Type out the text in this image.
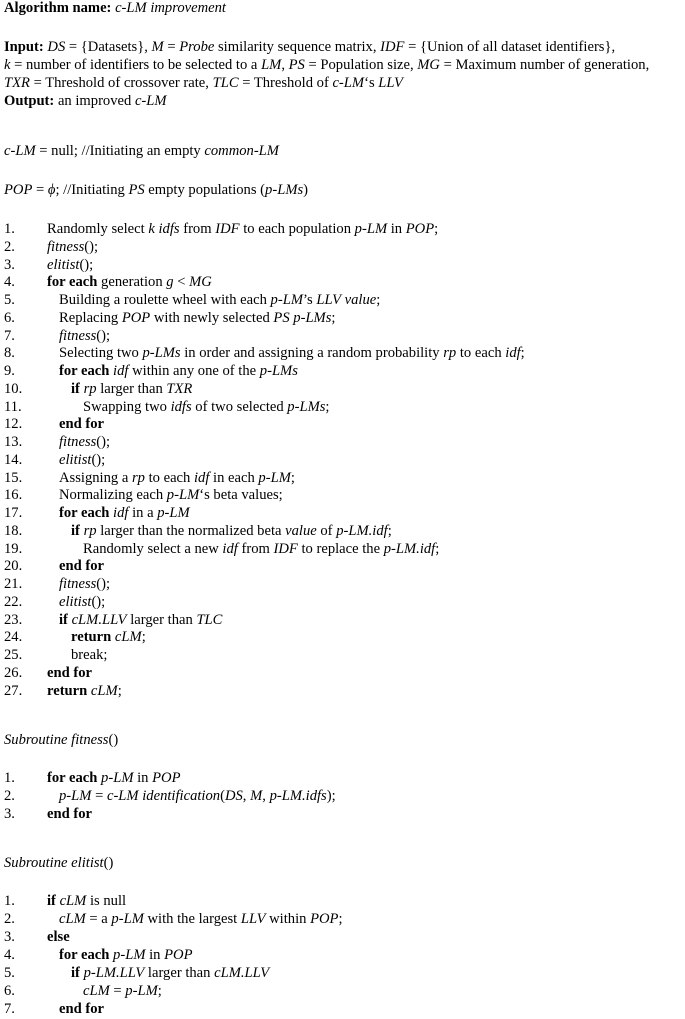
Algorithm name: c-LM improvement
Input: DS = {Datasets}, M = Probe similarity sequence matrix, IDF = {Union of all dataset identifiers},
k = number of identifiers to be selected to a LM, PS = Population size, MG = Maximum number of generation,
TXR = Threshold of crossover rate, TLC = Threshold of c-LM‘s LLV
Output: an improved c-LM
c-LM = null; //Initiating an empty common-LM
POP = ϕ; //Initiating PS empty populations (p-LMs)
1. Randomly select k idfs from IDF to each population p-LM in POP;
2. fitness();
3. elitist();
4. for each generation g < MG
5.	Building a roulette wheel with each p-LM’s LLV value;
6.	Replacing POP with newly selected PS p-LMs;
7.	fitness();
8.	Selecting two p-LMs in order and assigning a random probability rp to each idf;
9.	for each idf within any one of the p-LMs
10.	if rp larger than TXR
11.	Swapping two idfs of two selected p-LMs;
12.	end for
13.	fitness();
14.	elitist();
15.	Assigning a rp to each idf in each p-LM;
16.	Normalizing each p-LM‘s beta values;
17.	for each idf in a p-LM
18.	if rp larger than the normalized beta value of p-LM.idf;
19.	Randomly select a new idf from IDF to replace the p-LM.idf;
20.	end for
21.	fitness();
22.	elitist();
23.	if cLM.LLV larger than TLC
24.	return cLM;
25.	break;
26. end for
27. return cLM;
Subroutine fitness()
1. for each p-LM in POP
2.	p-LM = c-LM identification(DS, M, p-LM.idfs);
3. end for
Subroutine elitist()
1. if cLM is null
2.	cLM = a p-LM with the largest LLV within POP;
3. else
4.	for each p-LM in POP
5.	if p-LM.LLV larger than cLM.LLV
6.	cLM = p-LM;
7.	end for
